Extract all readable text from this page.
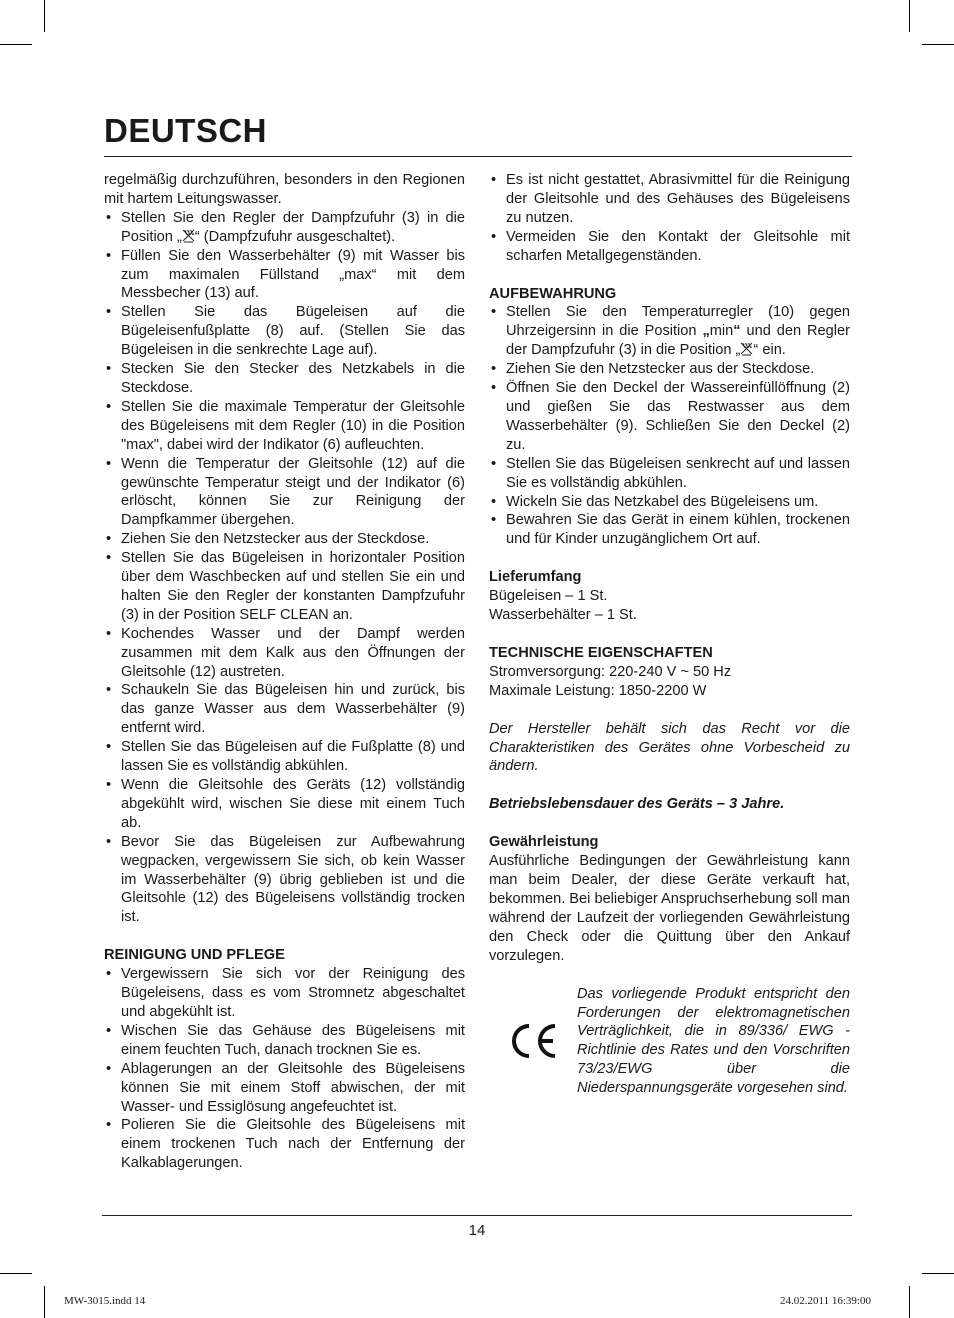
DEUTSCH

regelmäßig durchzuführen, besonders in den Regionen mit hartem Leitungswasser.

• Stellen Sie den Regler der Dampfzufuhr (3) in die Position „ “ (Dampfzufuhr ausgeschaltet).
• Füllen Sie den Wasserbehälter (9) mit Wasser bis zum maximalen Füllstand „max“ mit dem Messbecher (13) auf.
• Stellen Sie das Bügeleisen auf die Bügeleisenfußplatte (8) auf. (Stellen Sie das Bügeleisen in die senkrechte Lage auf).
• Stecken Sie den Stecker des Netzkabels in die Steckdose.
• Stellen Sie die maximale Temperatur der Gleitsohle des Bügeleisens mit dem Regler (10) in die Position "max", dabei wird der Indikator (6) aufleuchten.
• Wenn die Temperatur der Gleitsohle (12) auf die gewünschte Temperatur steigt und der Indikator (6) erlöscht, können Sie zur Reinigung der Dampfkammer übergehen.
• Ziehen Sie den Netzstecker aus der Steckdose.
• Stellen Sie das Bügeleisen in horizontaler Position über dem Waschbecken auf und stellen Sie ein und halten Sie den Regler der konstanten Dampfzufuhr (3) in der Position SELF CLEAN an.
• Kochendes Wasser und der Dampf werden zusammen mit dem Kalk aus den Öffnungen der Gleitsohle (12) austreten.
• Schaukeln Sie das Bügeleisen hin und zurück, bis das ganze Wasser aus dem Wasserbehälter (9) entfernt wird.
• Stellen Sie das Bügeleisen auf die Fußplatte (8) und lassen Sie es vollständig abkühlen.
• Wenn die Gleitsohle des Geräts (12) vollständig abgekühlt wird, wischen Sie diese mit einem Tuch ab.
• Bevor Sie das Bügeleisen zur Aufbewahrung wegpacken, vergewissern Sie sich, ob kein Wasser im Wasserbehälter (9) übrig geblieben ist und die Gleitsohle (12) des Bügeleisens vollständig trocken ist.

REINIGUNG UND PFLEGE

• Vergewissern Sie sich vor der Reinigung des Bügeleisens, dass es vom Stromnetz abgeschaltet und abgekühlt ist.
• Wischen Sie das Gehäuse des Bügeleisens mit einem feuchten Tuch, danach trocknen Sie es.
• Ablagerungen an der Gleitsohle des Bügeleisens können Sie mit einem Stoff abwischen, der mit Wasser- und Essiglösung angefeuchtet ist.
• Polieren Sie die Gleitsohle des Bügeleisens mit einem trockenen Tuch nach der Entfernung der Kalkablagerungen.
• Es ist nicht gestattet, Abrasivmittel für die Reinigung der Gleitsohle und des Gehäuses des Bügeleisens zu nutzen.
• Vermeiden Sie den Kontakt der Gleitsohle mit scharfen Metallgegenständen.

AUFBEWAHRUNG

• Stellen Sie den Temperaturregler (10) gegen Uhrzeigersinn in die Position „min“ und den Regler der Dampfzufuhr (3) in die Position „ “ ein.
• Ziehen Sie den Netzstecker aus der Steckdose.
• Öffnen Sie den Deckel der Wassereinfüllöffnung (2) und gießen Sie das Restwasser aus dem Wasserbehälter (9). Schließen Sie den Deckel (2) zu.
• Stellen Sie das Bügeleisen senkrecht auf und lassen Sie es vollständig abkühlen.
• Wickeln Sie das Netzkabel des Bügeleisens um.
• Bewahren Sie das Gerät in einem kühlen, trockenen und für Kinder unzugänglichem Ort auf.

Lieferumfang

Bügeleisen – 1 St.

Wasserbehälter – 1 St.

TECHNISCHE EIGENSCHAFTEN

Stromversorgung: 220-240 V ~ 50 Hz

Maximale Leistung: 1850-2200 W

Der Hersteller behält sich das Recht vor die Charakteristiken des Gerätes ohne Vorbescheid zu ändern.

Betriebslebensdauer des Geräts – 3 Jahre.

Gewährleistung

Ausführliche Bedingungen der Gewährleistung kann man beim Dealer, der diese Geräte verkauft hat, bekommen. Bei beliebiger Anspruchserhebung soll man während der Laufzeit der vorliegenden Gewährleistung den Check oder die Quittung über den Ankauf vorzulegen.

Das vorliegende Produkt entspricht den Forderungen der elektromagnetischen Verträglichkeit, die in 89/336/ EWG -Richtlinie des Rates und den Vorschriften 73/23/EWG über die Niederspannungsgeräte vorgesehen sind.

14
MW-3015.indd 14	24.02.2011 16:39:00
